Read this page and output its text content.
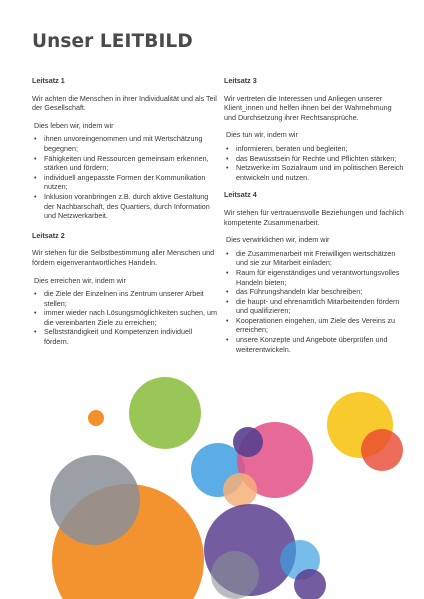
Unser LEITBILD
Leitsatz 1
Wir achten die Menschen in ihrer Individualität und als Teil der Gesellschaft.
Dies leben wir, indem wir
• ihnen unvoreingenommen und mit Wertschätzung begegnen;
• Fähigkeiten und Ressourcen gemeinsam erkennen, stärken und fördern;
• individuell angepasste Formen der Kommunikation nutzen;
• Inklusion voranbringen z.B. durch aktive Gestaltung der Nachbarschaft, des Quartiers, durch Information und Netzwerkarbeit.
Leitsatz 2
Wir stehen für die Selbstbestimmung aller Menschen und fördern eigenverantwortliches Handeln.
Dies erreichen wir, indem wir
• die Ziele der Einzelnen ins Zentrum unserer Arbeit stellen;
• immer wieder nach Lösungsmöglichkeiten suchen, um die vereinbarten Ziele zu erreichen;
• Selbstständigkeit und Kompetenzen individuell fördern.
Leitsatz 3
Wir vertreten die Interessen und Anliegen unserer Klient_innen und helfen ihnen bei der Wahrnehmung und Durchsetzung ihrer Rechtsansprüche.
Dies tun wir, indem wir
• informieren, beraten und begleiten;
• das Bewusstsein für Rechte und Pflichten stärken;
• Netzwerke im Sozialraum und im politischen Bereich entwickeln und nutzen.
Leitsatz 4
Wir stehen für vertrauensvolle Beziehungen und fachlich kompetente Zusammenarbeit.
Dies verwirklichen wir, indem wir
• die Zusammenarbeit mit Freiwilligen wertschätzen und sie zur Mitarbeit einladen;
• Raum für eigenständiges und verantwortungsvolles Handeln bieten;
• das Führungshandeln klar beschreiben;
• die haupt- und ehrenamtlich Mitarbeitenden fördern und qualifizieren;
• Kooperationen eingehen, um Ziele des Vereins zu erreichen;
• unsere Konzepte und Angebote überprüfen und weiterentwickeln.
